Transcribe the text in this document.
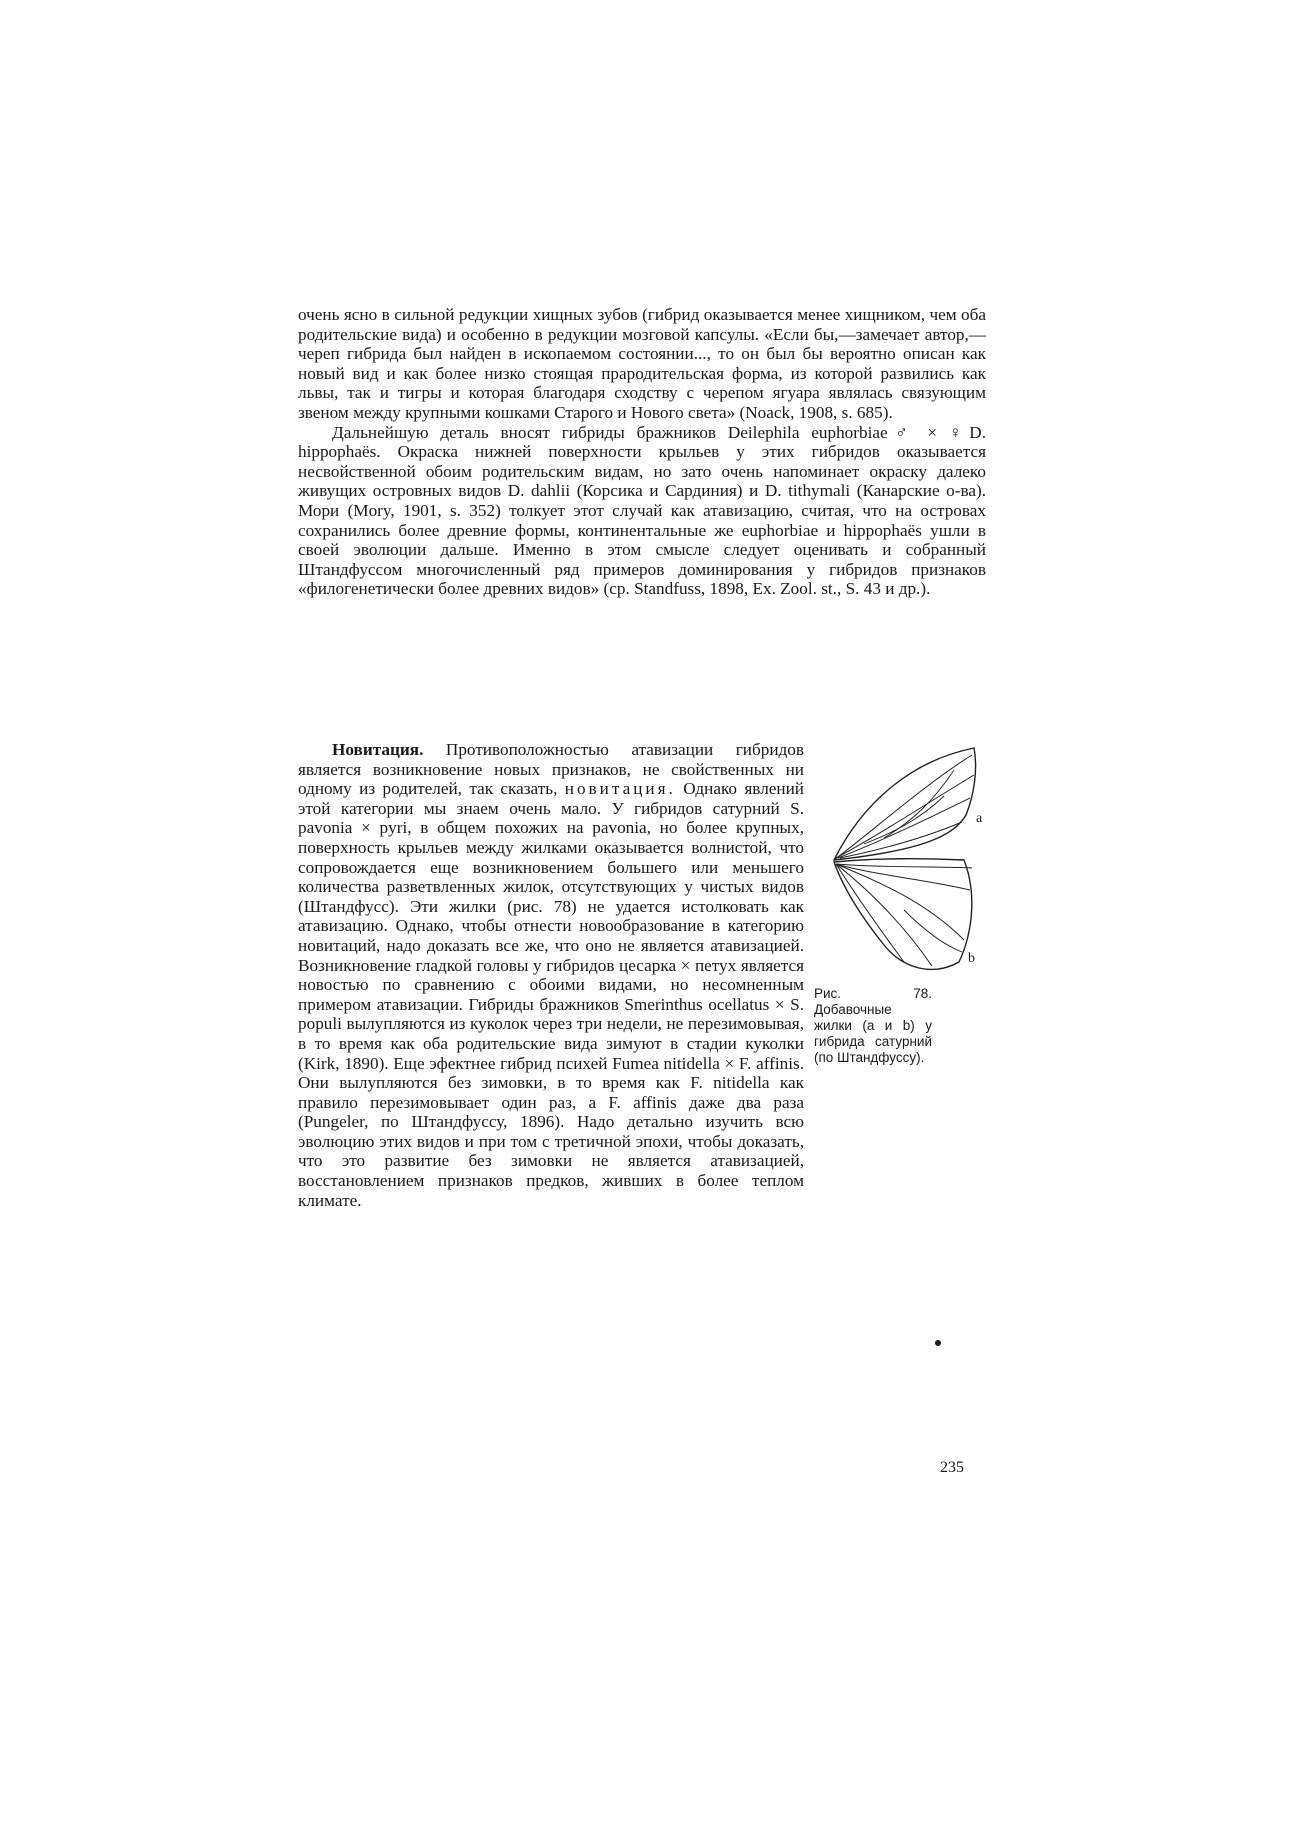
очень ясно в сильной редукции хищных зубов (гибрид оказывается менее хищником, чем оба родительские вида) и особенно в редукции мозговой капсулы. «Если бы,—замечает автор,—череп гибрида был найден в ископаемом состоянии..., то он был бы вероятно описан как новый вид и как более низко стоящая прародительская форма, из которой развились как львы, так и тигры и которая благодаря сходству с черепом ягуара являлась связующим звеном между крупными кошками Старого и Нового света» (Noack, 1908, s. 685).

Дальнейшую деталь вносят гибриды бражников Deilephila euphorbiae♂ × ♀D. hippophaës. Окраска нижней поверхности крыльев у этих гибридов оказывается несвойственной обоим родительским видам, но зато очень напоминает окраску далеко живущих островных видов D. dahlii (Корсика и Сардиния) и D. tithymali (Канарские о-ва). Мори (Mory, 1901, s. 352) толкует этот случай как атавизацию, считая, что на островах сохранились более древние формы, континентальные же euphorbiae и hippophaës ушли в своей эволюции дальше. Именно в этом смысле следует оценивать и собранный Штандфуссом многочисленный ряд примеров доминирования у гибридов признаков «филогенетически более древних видов» (ср. Standfuss, 1898, Ex. Zool. st., S. 43 и др.).

Новитация. Противоположностью атавизации гибридов является возникновение новых признаков, не свойственных ни одному из родителей, так сказать, новитация. Однако явлений этой категории мы знаем очень мало. У гибридов сатурний S. pavonia × pyri, в общем похожих на pavonia, но более крупных, поверхность крыльев между жилками оказывается волнистой, что сопровождается еще возникновением большего или меньшего количества разветвленных жилок, отсутствующих у чистых видов (Штандфусс). Эти жилки (рис. 78) не удается истолковать как атавизацию. Однако, чтобы отнести новообразование в категорию новитаций, надо доказать все же, что оно не является атавизацией. Возникновение гладкой головы у гибридов цесарка × петух является новостью по сравнению с обоими видами, но несомненным примером атавизации. Гибриды бражников Smerinthus ocellatus × S. populi вылупляются из куколок через три недели, не перезимовывая, в то время как оба родительские вида зимуют в стадии куколки (Kirk, 1890). Еще эфектнее гибрид психей Fumea nitidella × F. affinis. Они вылупляются без зимовки, в то время как F. nitidella как правило перезимовывает один раз, а F. affinis даже два раза (Pungeler, по Штандфуссу, 1896). Надо детально изучить всю эволюцию этих видов и при том с третичной эпохи, чтобы доказать, что это развитие без зимовки не является атавизацией, восстановлением признаков предков, живших в более теплом климате.
a
b
Рис. 78. Добавочные жилки (a и b) у гибрида сатурний (по Штандфуссу).
235
